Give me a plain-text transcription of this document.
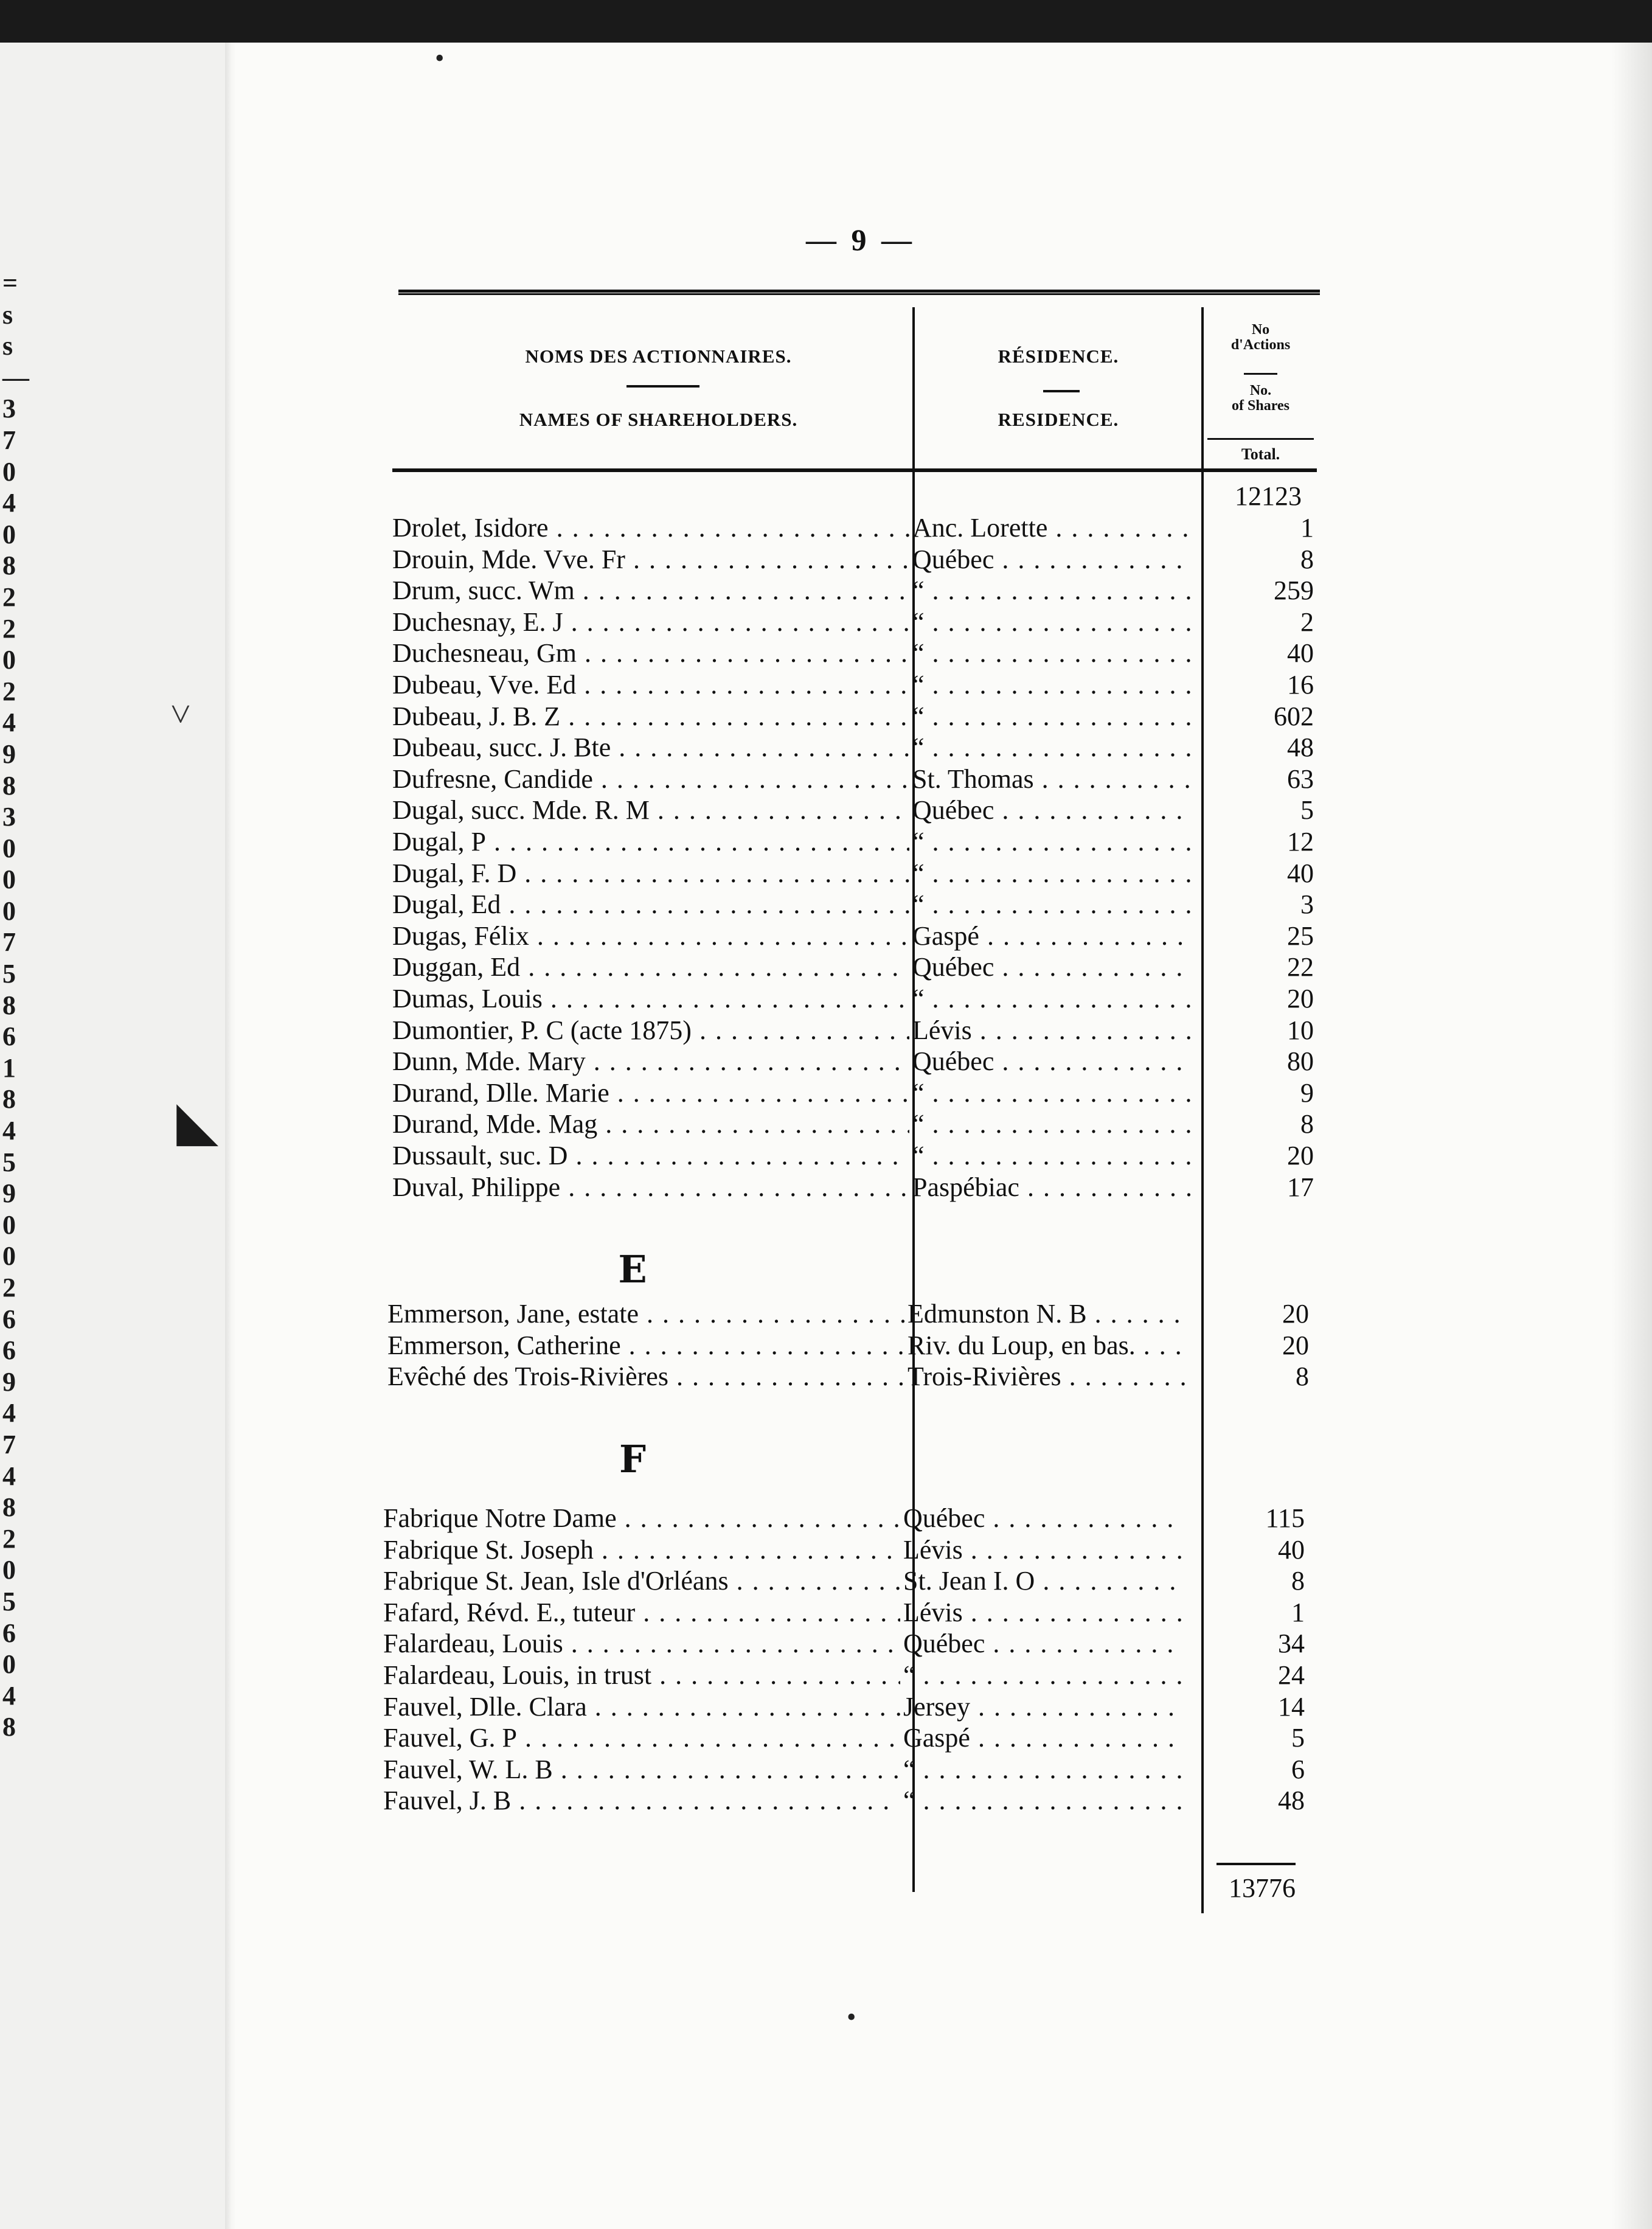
=
s
s
—
3
7
0
4
0
8
2
2
0
2
4
9
8
3
0
0
0
7
5
8
6
1
8
4
5
9
0
0
2
6
6
9
4
7
4
8
2
0
5
6
0
4
8
•
•
˅
◣
— 9 —
NOMS DES ACTIONNAIRES.
NAMES OF SHAREHOLDERS.
RÉSIDENCE.
RESIDENCE.
No
d'Actions
No.
of Shares
Total.
12123
Drolet, Isidore . . .	Anc. Lorette . . .	1
Drouin, Mde. Vve. Fr . . .	Québec . . .	8
Drum, succ. Wm . . .	“ . . .	259
Duchesnay, E. J . . .	“ . . .	2
Duchesneau, Gm . . .	“ . . .	40
Dubeau, Vve. Ed . . .	“ . . .	16
Dubeau, J. B. Z . . .	“ . . .	602
Dubeau, succ. J. Bte . . .	“ . . .	48
Dufresne, Candide . . .	St. Thomas . . .	63
Dugal, succ. Mde. R. M . . .	Québec . . .	5
Dugal, P . . .	“ . . .	12
Dugal, F. D . . .	“ . . .	40
Dugal, Ed . . .	“ . . .	3
Dugas, Félix . . .	Gaspé . . .	25
Duggan, Ed . . .	Québec . . .	22
Dumas, Louis . . .	“ . . .	20
Dumontier, P. C (acte 1875) . . .	Lévis . . .	10
Dunn, Mde. Mary . . .	Québec . . .	80
Durand, Dlle. Marie . . .	“ . . .	9
Durand, Mde. Mag . . .	“ . . .	8
Dussault, suc. D . . .	“ . . .	20
Duval, Philippe . . .	Paspébiac . . .	17
E
Emmerson, Jane, estate . . .	Edmunston N. B . . .	20
Emmerson, Catherine . . .	Riv. du Loup, en bas. . . .	20
Evêché des Trois-Rivières . . .	Trois-Rivières . . .	8
F
Fabrique Notre Dame . . .	Québec . . .	115
Fabrique St. Joseph . . .	Lévis . . .	40
Fabrique St. Jean, Isle d'Orléans . . .	St. Jean I. O . . .	8
Fafard, Révd. E., tuteur . . .	Lévis . . .	1
Falardeau, Louis . . .	Québec . . .	34
Falardeau, Louis, in trust . . .	“ . . .	24
Fauvel, Dlle. Clara . . .	Jersey . . .	14
Fauvel, G. P . . .	Gaspé . . .	5
Fauvel, W. L. B . . .	“ . . .	6
Fauvel, J. B . . .	“ . . .	48
13776
